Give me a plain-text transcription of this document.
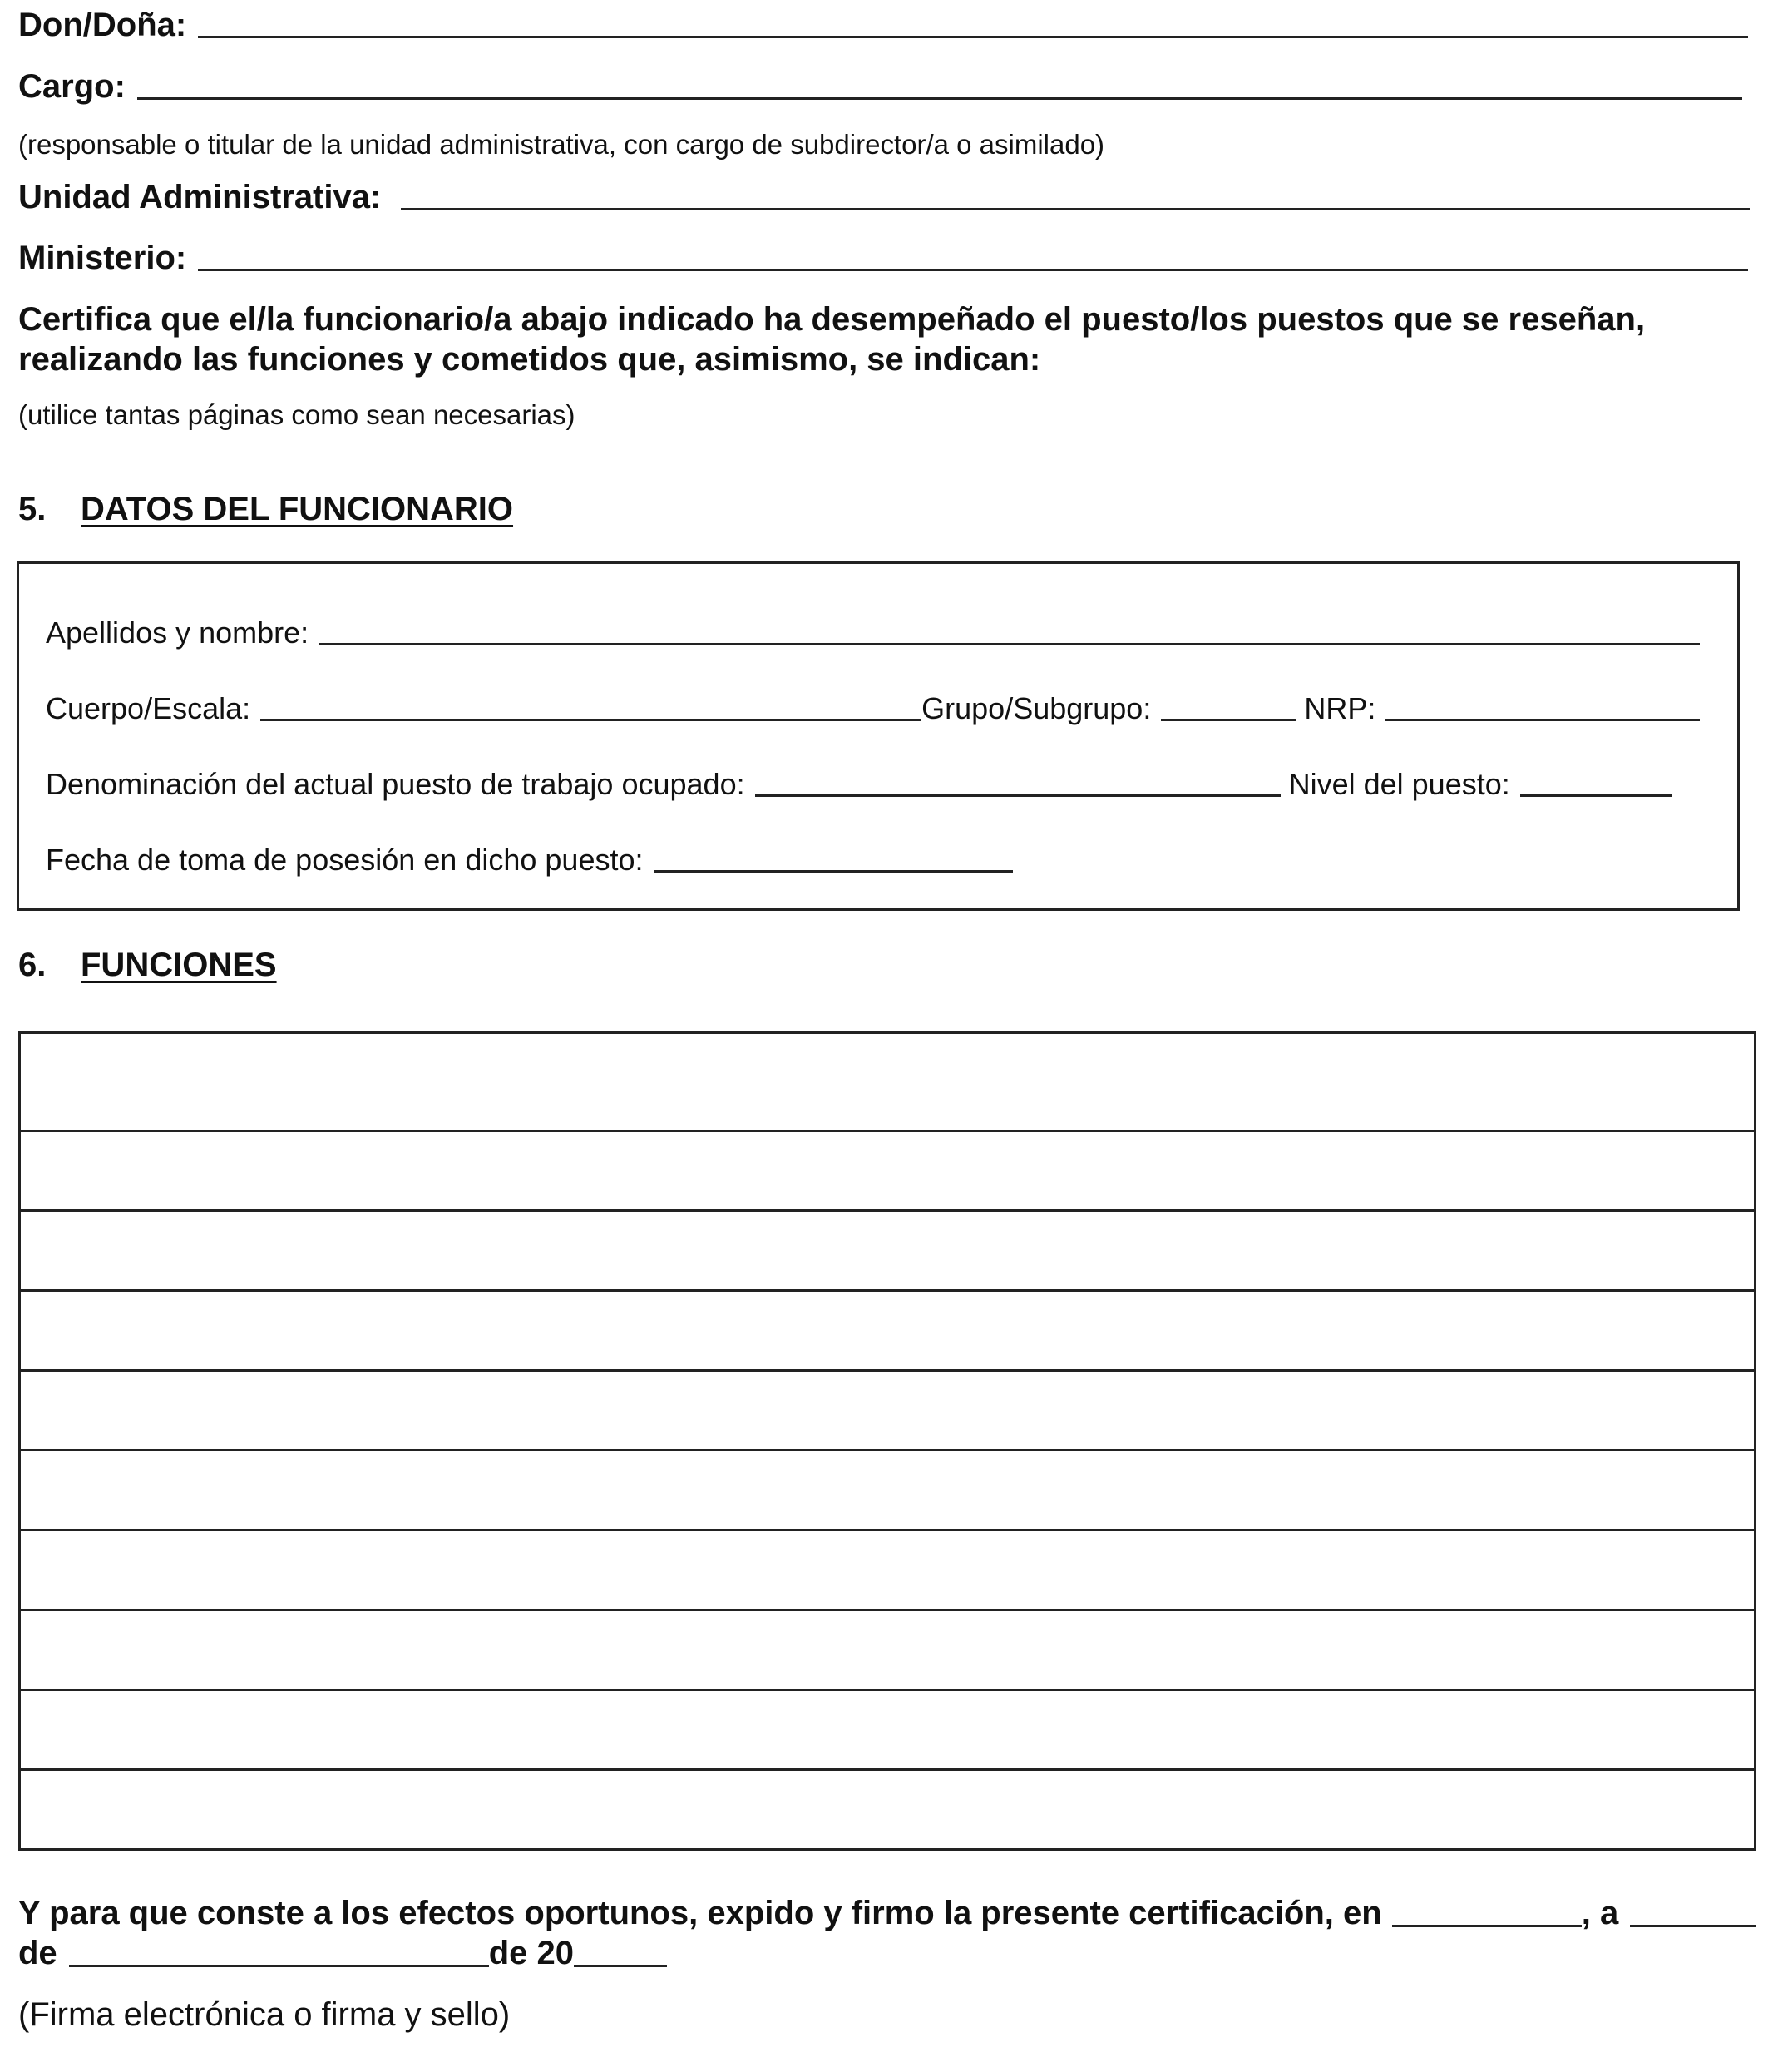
Don/Doña:
Cargo:
(responsable o titular de la unidad administrativa, con cargo de subdirector/a o asimilado)
Unidad Administrativa:
Ministerio:
Certifica que el/la funcionario/a abajo indicado ha desempeñado el puesto/los puestos que se reseñan, realizando las funciones y cometidos que, asimismo, se indican:
(utilice tantas páginas como sean necesarias)
5.	DATOS DEL FUNCIONARIO
Apellidos y nombre:
Cuerpo/Escala:	Grupo/Subgrupo:	NRP:
Denominación del actual puesto de trabajo ocupado:	Nivel del puesto:
Fecha de toma de posesión en dicho puesto:
6.	FUNCIONES
Y para que conste a los efectos oportunos, expido y firmo la presente certificación, en	, a
de	de 20
(Firma electrónica o firma y sello)
